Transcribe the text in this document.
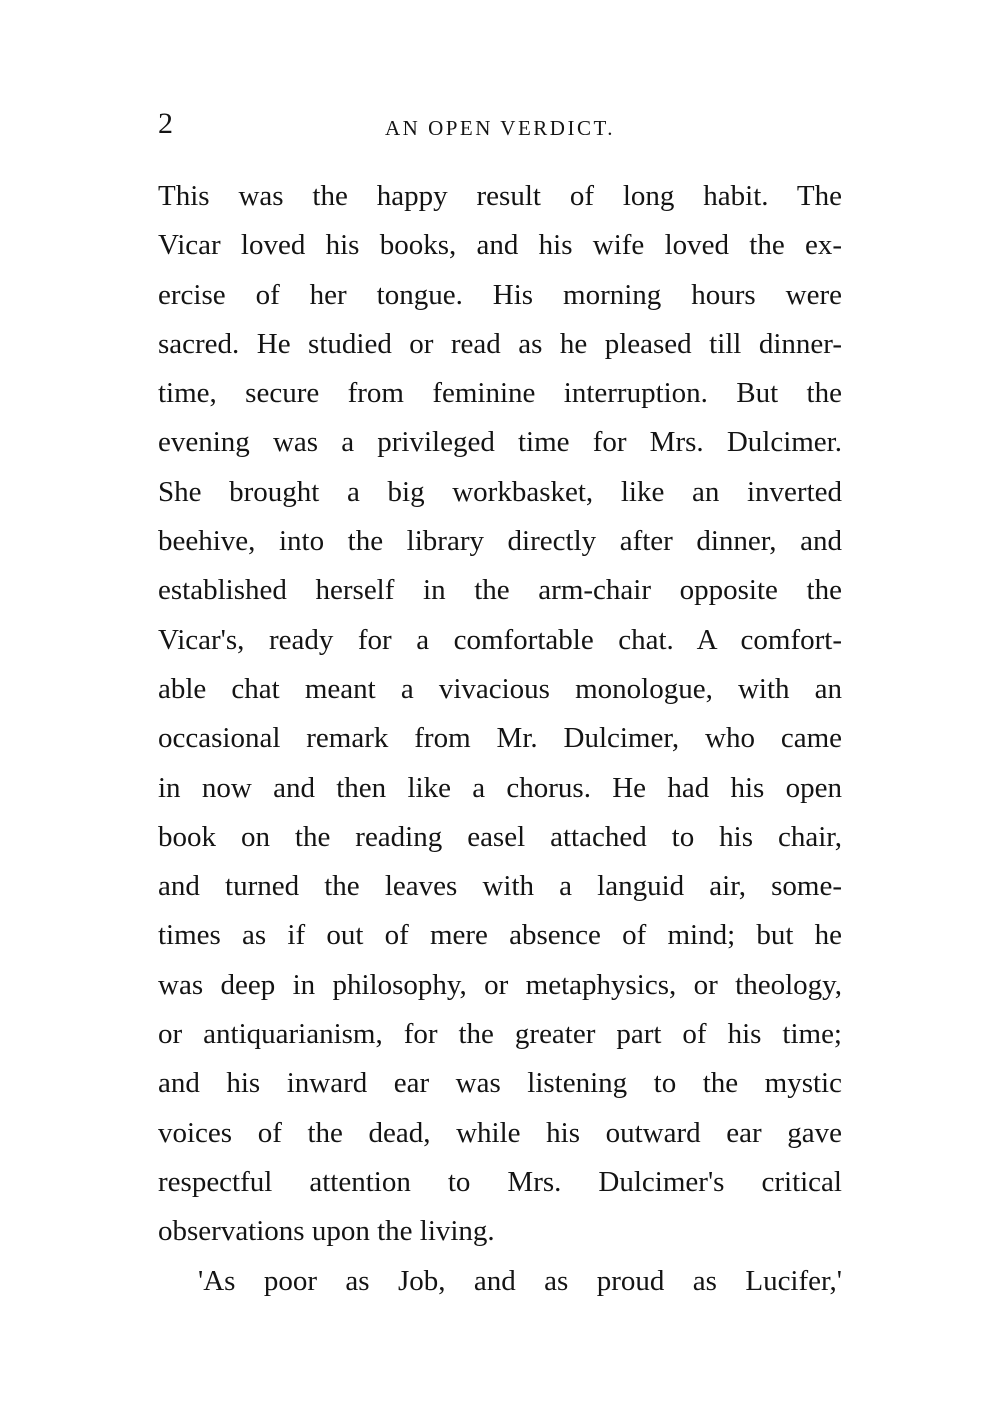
2	AN OPEN VERDICT.
This was the happy result of long habit. The
Vicar loved his books, and his wife loved the ex-
ercise of her tongue. His morning hours were
sacred. He studied or read as he pleased till dinner-
time, secure from feminine interruption. But the
evening was a privileged time for Mrs. Dulcimer.
She brought a big workbasket, like an inverted
beehive, into the library directly after dinner, and
established herself in the arm-chair opposite the
Vicar's, ready for a comfortable chat. A comfort-
able chat meant a vivacious monologue, with an
occasional remark from Mr. Dulcimer, who came
in now and then like a chorus. He had his open
book on the reading easel attached to his chair,
and turned the leaves with a languid air, some-
times as if out of mere absence of mind; but he
was deep in philosophy, or metaphysics, or theology,
or antiquarianism, for the greater part of his time;
and his inward ear was listening to the mystic
voices of the dead, while his outward ear gave
respectful attention to Mrs. Dulcimer's critical
observations upon the living.
'As poor as Job, and as proud as Lucifer,'
